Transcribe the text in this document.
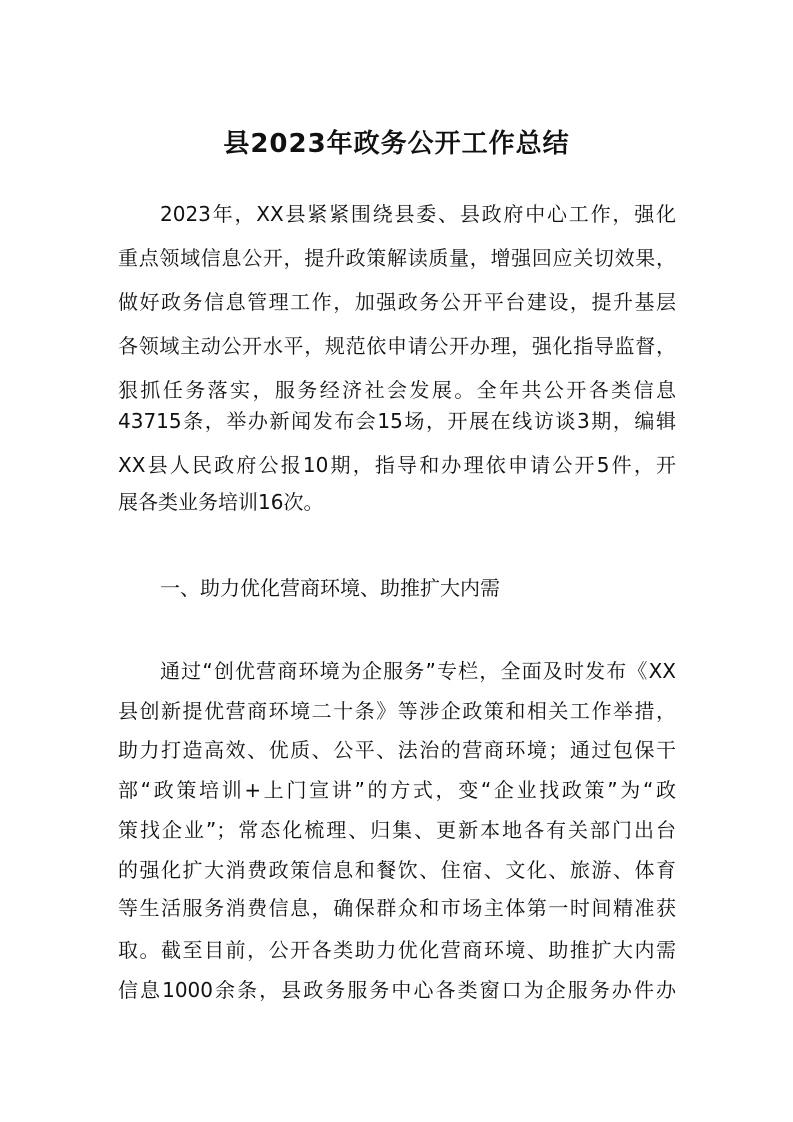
县2023年政务公开工作总结
2023年，XX县紧紧围绕县委、县政府中心工作，强化
重点领域信息公开，提升政策解读质量，增强回应关切效果，
做好政务信息管理工作，加强政务公开平台建设，提升基层
各领域主动公开水平，规范依申请公开办理，强化指导监督，
狠抓任务落实，服务经济社会发展。全年共公开各类信息
43715条，举办新闻发布会15场，开展在线访谈3期，编辑
XX县人民政府公报10期，指导和办理依申请公开5件，开
展各类业务培训16次。
一、助力优化营商环境、助推扩大内需
通过“创优营商环境为企服务”专栏，全面及时发布《XX
县创新提优营商环境二十条》等涉企政策和相关工作举措，
助力打造高效、优质、公平、法治的营商环境；通过包保干
部“政策培训+上门宣讲”的方式，变“企业找政策”为“政
策找企业”；常态化梳理、归集、更新本地各有关部门出台
的强化扩大消费政策信息和餐饮、住宿、文化、旅游、体育
等生活服务消费信息，确保群众和市场主体第一时间精准获
取。截至目前，公开各类助力优化营商环境、助推扩大内需
信息1000余条，县政务服务中心各类窗口为企服务办件办
